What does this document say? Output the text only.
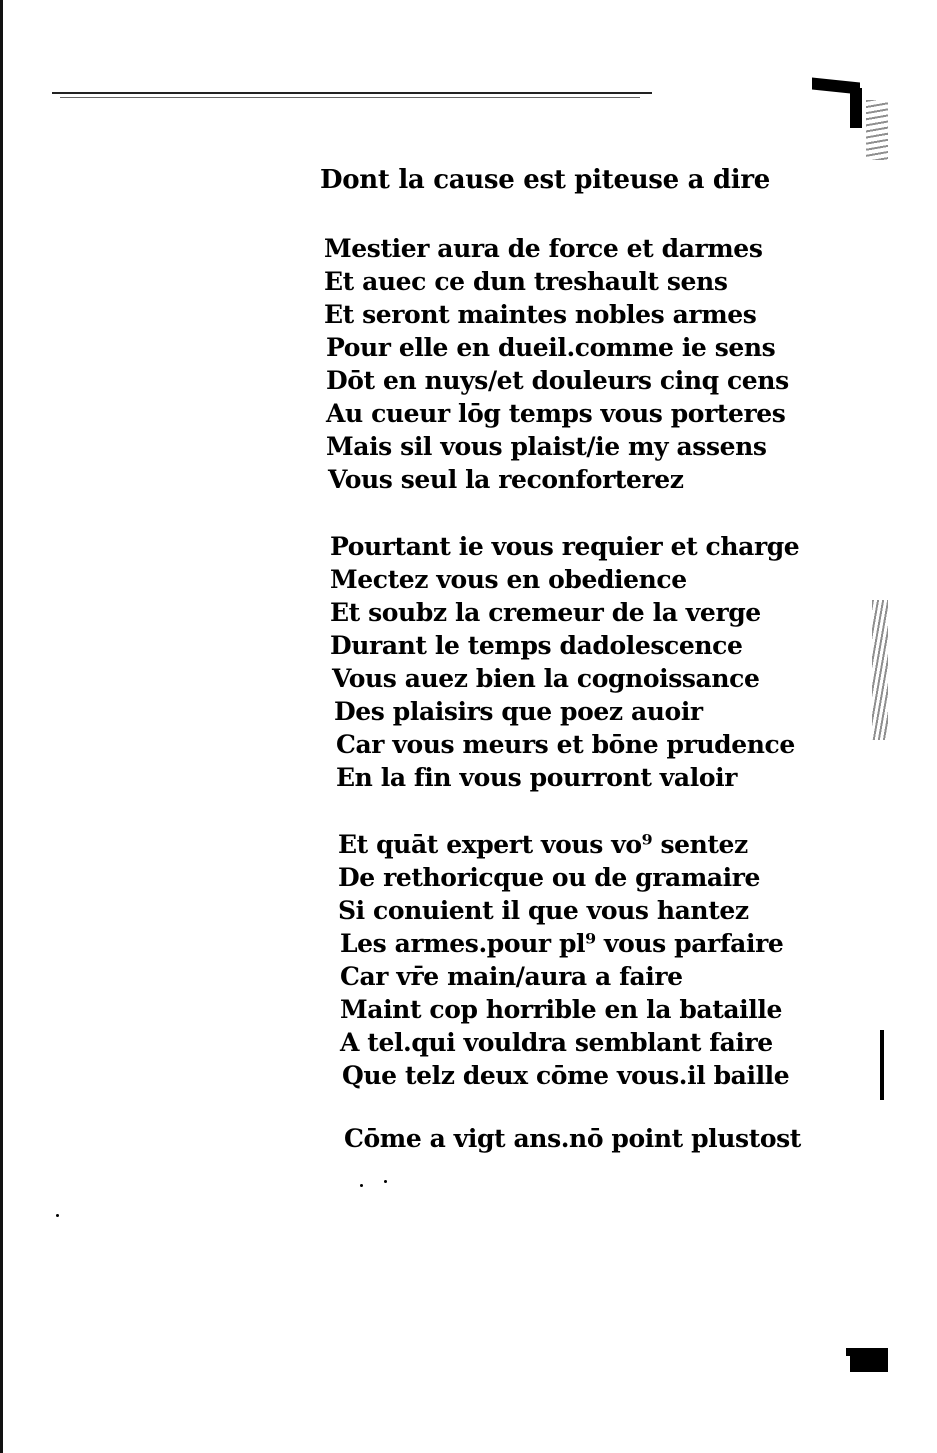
Dont la cause est piteuse a dire

Mestier aura de force et darmes
Et auec ce dun treshault sens
Et seront maintes nobles armes
Pour elle en dueil.comme ie sens
Dōt en nuys/et douleurs cinq cens
Au cueur lōg temps vous porteres
Mais sil vous plaist/ie my assens
Vous seul la reconforterez
Pourtant ie vous requier et charge
Mectez vous en obedience
Et soubz la cremeur de la verge
Durant le temps dadolescence
Vous auez bien la cognoissance
Des plaisirs que poez auoir
Car vous meurs et bōne prudence
En la fin vous pourront valoir
Et quāt expert vous vo⁹ sentez
De rethoricque ou de gramaire
Si conuient il que vous hantez
Les armes.pour pl⁹ vous parfaire
Car vr̄e main/aura a faire
Maint cop horrible en la bataille
A tel.qui vouldra semblant faire
Que telz deux cōme vous.il baille
Cōme a vigt ans.nō point plustost
